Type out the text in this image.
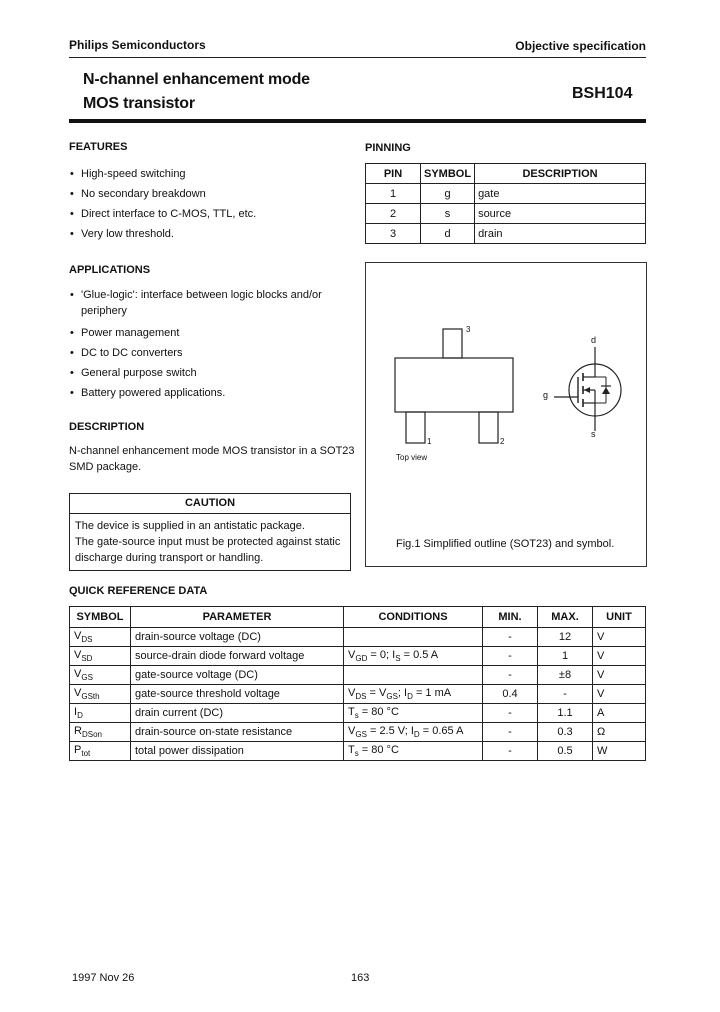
Philips Semiconductors	Objective specification
N-channel enhancement mode
MOS transistor
BSH104
FEATURES
• High-speed switching
• No secondary breakdown
• Direct interface to C-MOS, TTL, etc.
• Very low threshold.
APPLICATIONS
• 'Glue-logic': interface between logic blocks and/or
periphery
• Power management
• DC to DC converters
• General purpose switch
• Battery powered applications.
DESCRIPTION
N-channel enhancement mode MOS transistor in a SOT23
SMD package.
CAUTION
The device is supplied in an antistatic package.
The gate-source input must be protected against static
discharge during transport or handling.
PINNING
PIN	SYMBOL	DESCRIPTION
1	g	gate
2	s	source
3	d	drain
3
1	2
Top view
d
g
s
Fig.1 Simplified outline (SOT23) and symbol.
QUICK REFERENCE DATA
SYMBOL	PARAMETER	CONDITIONS	MIN.	MAX.	UNIT
$V_{DS}$	drain-source voltage (DC)		-	12	V
$V_{SD}$	source-drain diode forward voltage	$V_{GD} = 0$; $I_S = 0.5$ A	-	1	V
$V_{GS}$	gate-source voltage (DC)		-	±8	V
$V_{GSth}$	gate-source threshold voltage	$V_{DS} = V_{GS}$; $I_D = 1$ mA	0.4	-	V
$I_D$	drain current (DC)	$T_s = 80$ °C	-	1.1	A
$R_{DSon}$	drain-source on-state resistance	$V_{GS} = 2.5$ V; $I_D = 0.65$ A	-	0.3	Ω
$P_{tot}$	total power dissipation	$T_s = 80$ °C	-	0.5	W
1997 Nov 26	163
